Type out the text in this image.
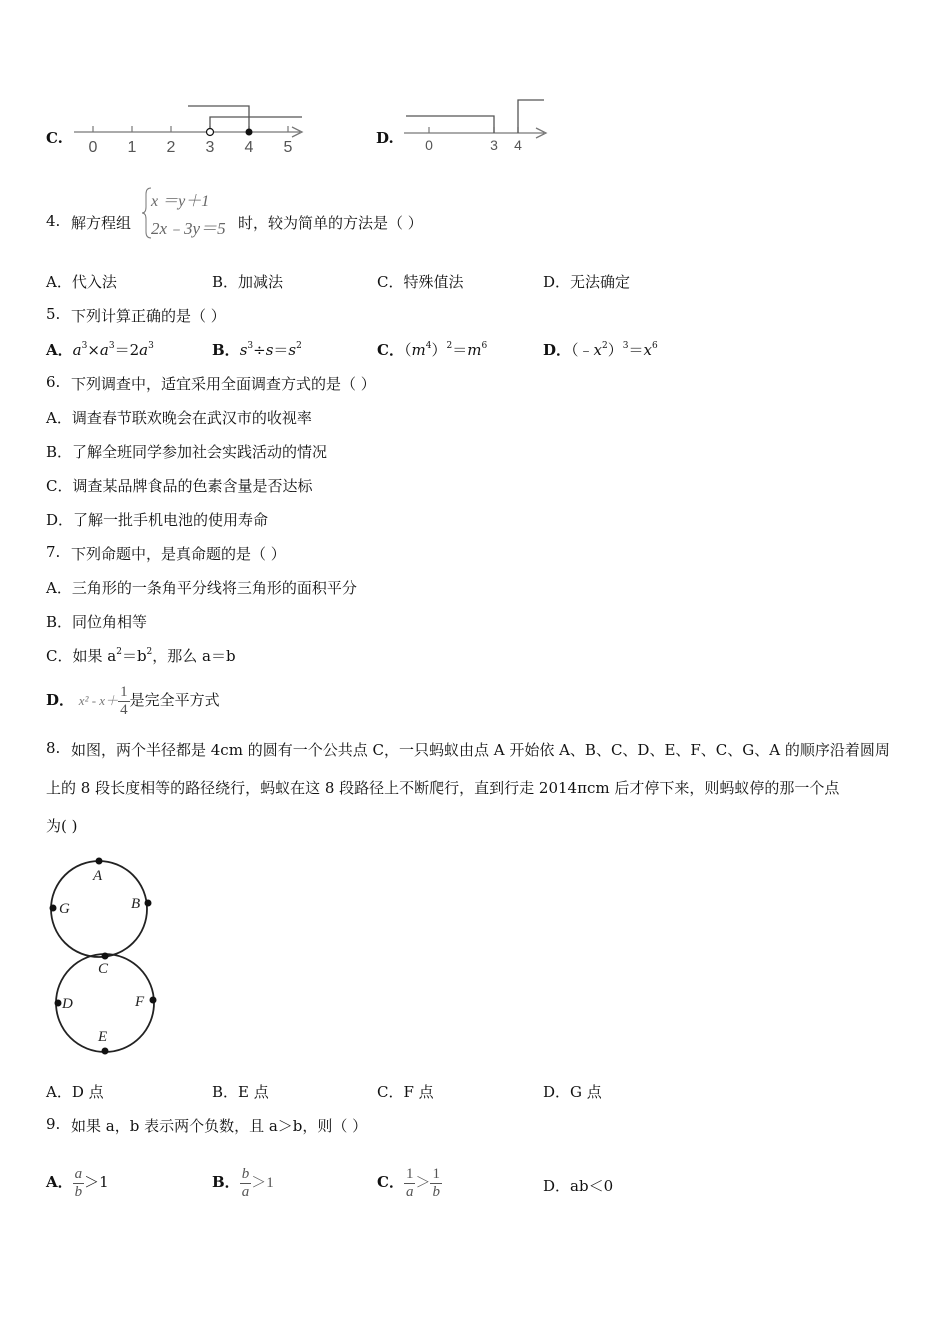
C.
0 1 2 3 4 5
D. 0	3 4
4. 解方程组
x ＝y＋1
2x﹣3y＝5 时，较为简单的方法是（ ）
A．代入法	B．加减法	C．特殊值法	D．无法确定
5. 下列计算正确的是（ ）
A．$a^3\times a^3=2a^3$	B．$s^3\div s=s^2$	C．$(m^4)^2=m^6$	D．$(﹣x^2)^3=x^6$
6. 下列调查中，适宜采用全面调查方式的是（ ）
A．调查春节联欢晚会在武汉市的收视率
B．了解全班同学参加社会实践活动的情况
C．调查某品牌食品的色素含量是否达标
D．了解一批手机电池的使用寿命
7. 下列命题中，是真命题的是（ ）
A．三角形的一条角平分线将三角形的面积平分
B．同位角相等
C．如果 $a^2=b^2$，那么 a＝b
D． $x^2 - x+ \frac{1}{4}$ 是完全平方式
8. 如图，两个半径都是 4cm 的圆有一个公共点 C，一只蚂蚁由点 A 开始依 A、B、C、D、E、F、C、G、A 的顺序沿着圆周
上的 8 段长度相等的路径绕行，蚂蚁在这 8 段路径上不断爬行，直到行走 2014πcm 后才停下来，则蚂蚁停的那一个点
为( )
A
B
G
C
D	F
E
A．D 点	B．E 点	C．F 点	D．G 点
9. 如果 a，b 表示两个负数，且 a＞b，则（ ）
A． $\frac{a}{b} >1$	B． $\frac{b}{a} >1$	C． $\frac{1}{a} > \frac{1}{b}$	D．ab＜0
